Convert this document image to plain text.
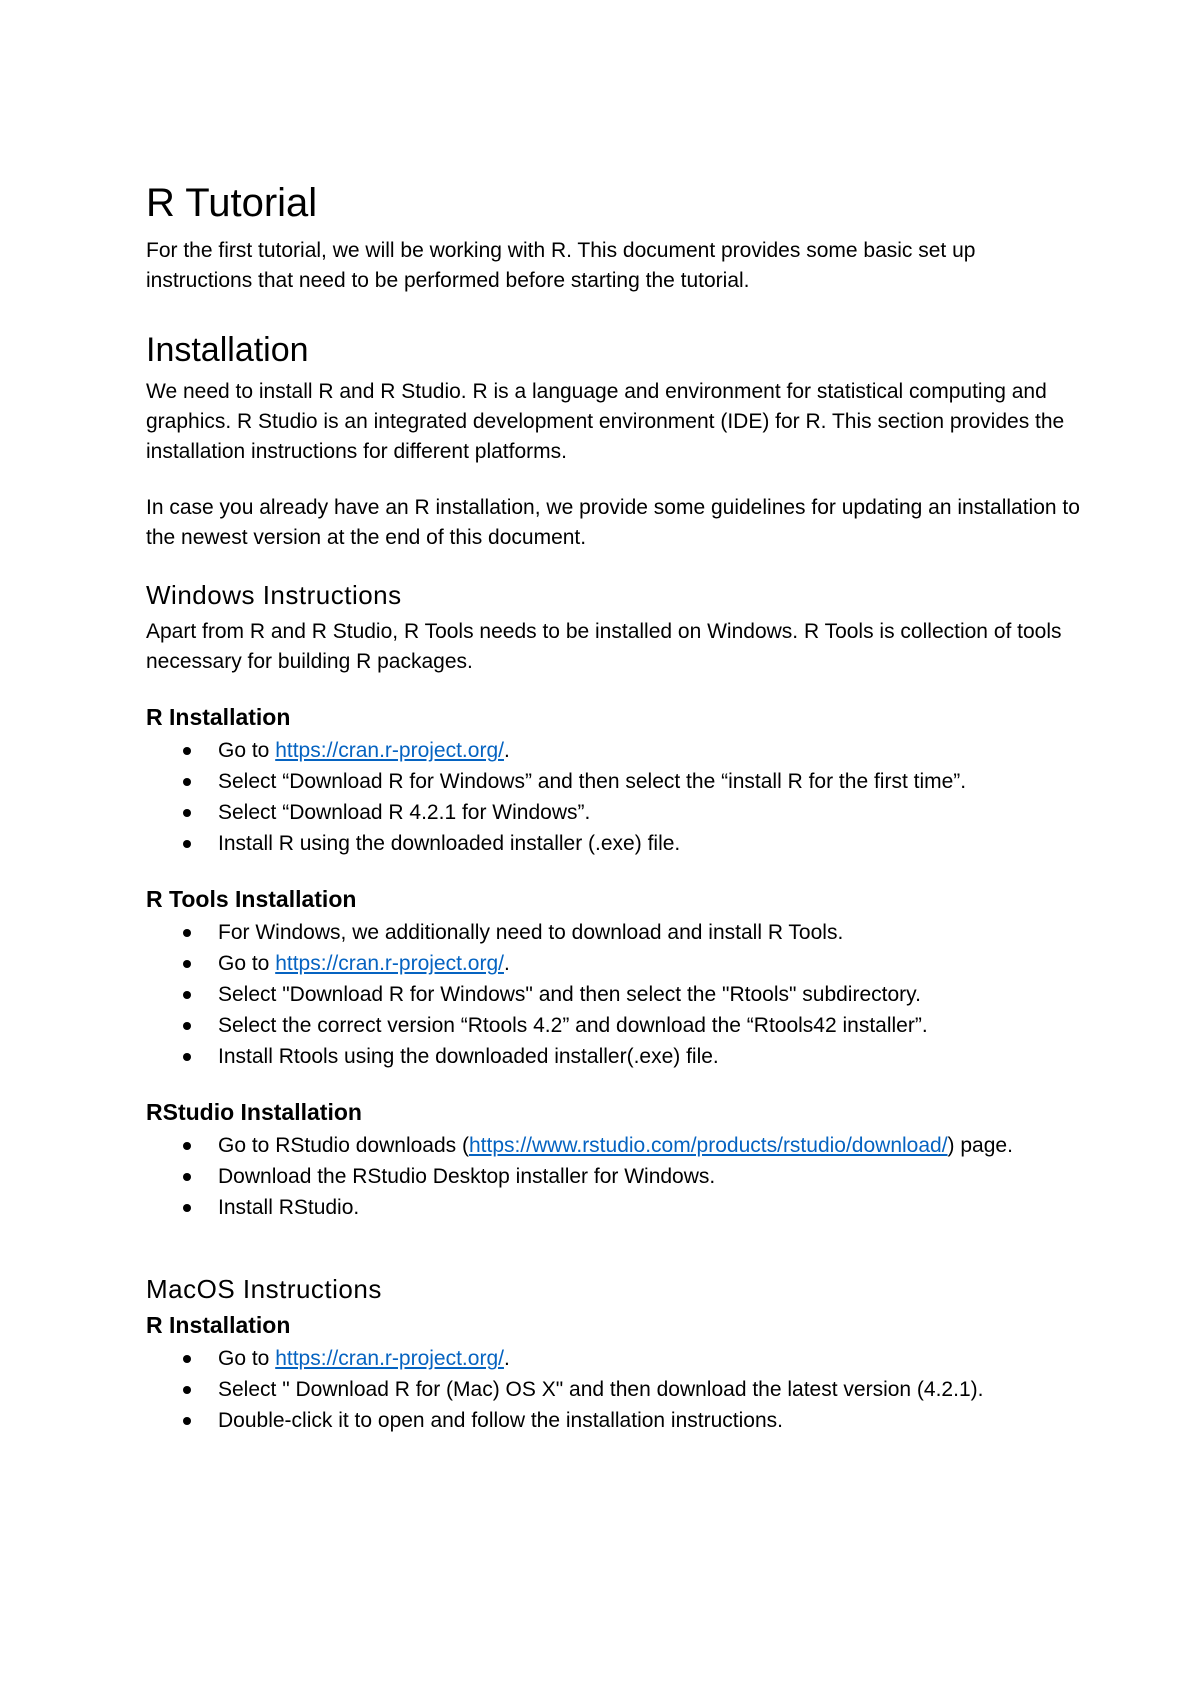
R Tutorial

For the first tutorial, we will be working with R. This document provides some basic set up instructions that need to be performed before starting the tutorial.

Installation

We need to install R and R Studio. R is a language and environment for statistical computing and graphics. R Studio is an integrated development environment (IDE) for R. This section provides the installation instructions for different platforms.

In case you already have an R installation, we provide some guidelines for updating an installation to the newest version at the end of this document.

Windows Instructions

Apart from R and R Studio, R Tools needs to be installed on Windows. R Tools is collection of tools necessary for building R packages.

R Installation
Go to https://cran.r-project.org/.
Select “Download R for Windows” and then select the “install R for the first time”.
Select “Download R 4.2.1 for Windows”.
Install R using the downloaded installer (.exe) file.
R Tools Installation
For Windows, we additionally need to download and install R Tools.
Go to https://cran.r-project.org/.
Select "Download R for Windows" and then select the "Rtools" subdirectory.
Select the correct version “Rtools 4.2” and download the “Rtools42 installer”.
Install Rtools using the downloaded installer(.exe) file.
RStudio Installation
Go to RStudio downloads (https://www.rstudio.com/products/rstudio/download/) page.
Download the RStudio Desktop installer for Windows.
Install RStudio.
MacOS Instructions
R Installation
Go to https://cran.r-project.org/.
Select " Download R for (Mac) OS X" and then download the latest version (4.2.1).
Double-click it to open and follow the installation instructions.
